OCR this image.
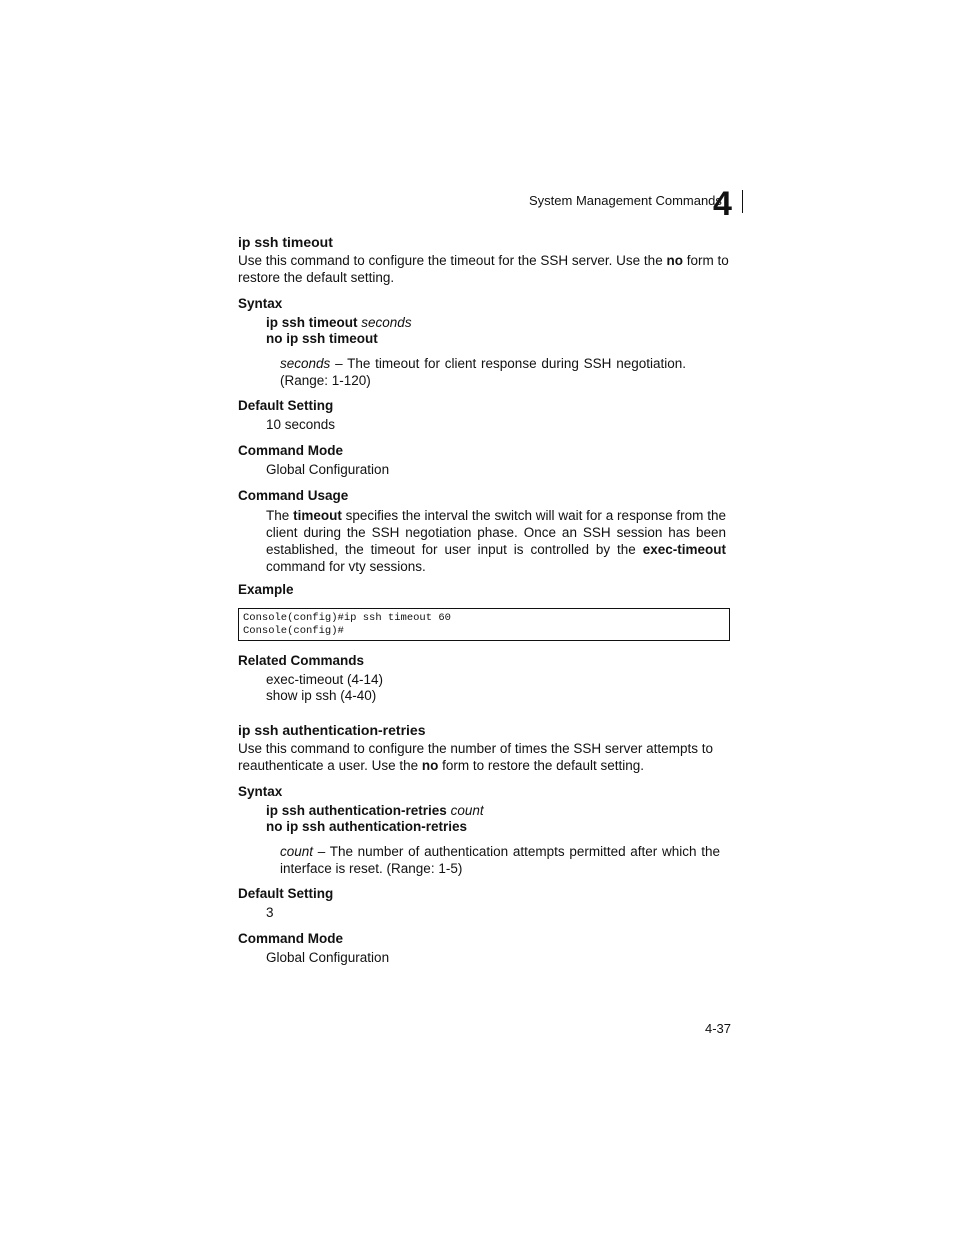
System Management Commands
4
ip ssh timeout
Use this command to configure the timeout for the SSH server. Use the no form to restore the default setting.
Syntax
ip ssh timeout seconds
no ip ssh timeout
seconds – The timeout for client response during SSH negotiation. (Range: 1-120)
Default Setting
10 seconds
Command Mode
Global Configuration
Command Usage
The timeout specifies the interval the switch will wait for a response from the client during the SSH negotiation phase. Once an SSH session has been established, the timeout for user input is controlled by the exec-timeout command for vty sessions.
Example
Console(config)#ip ssh timeout 60
Console(config)#
Related Commands
exec-timeout (4-14)
show ip ssh (4-40)
ip ssh authentication-retries
Use this command to configure the number of times the SSH server attempts to reauthenticate a user. Use the no form to restore the default setting.
Syntax
ip ssh authentication-retries count
no ip ssh authentication-retries
count – The number of authentication attempts permitted after which the interface is reset. (Range: 1-5)
Default Setting
3
Command Mode
Global Configuration
4-37
